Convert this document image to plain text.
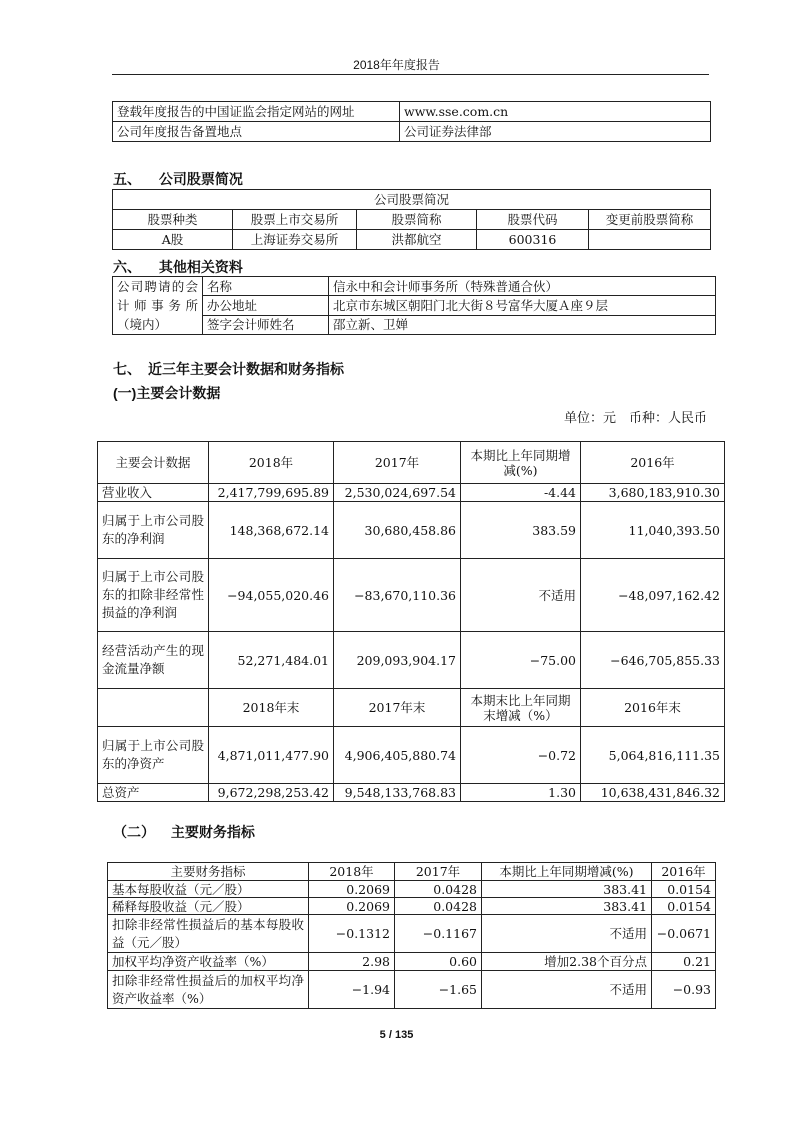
2018年年度报告
登载年度报告的中国证监会指定网站的网址	www.sse.com.cn
公司年度报告备置地点	公司证券法律部
五、 公司股票简况
公司股票简况				
股票种类	股票上市交易所	股票简称	股票代码	变更前股票简称
A股	上海证券交易所	洪都航空	600316	
六、 其他相关资料
公司聘请的会计师事务所（境内）	名称	信永中和会计师事务所（特殊普通合伙）
	办公地址	北京市东城区朝阳门北大街８号富华大厦Ａ座９层
	签字会计师姓名	邵立新、卫婵
七、　近三年主要会计数据和财务指标
(一)主要会计数据
单位：元　币种：人民币
主要会计数据	2018年	2017年	本期比上年同期增减(%)	2016年
营业收入	2,417,799,695.89	2,530,024,697.54	-4.44	3,680,183,910.30
归属于上市公司股东的净利润	148,368,672.14	30,680,458.86	383.59	11,040,393.50
归属于上市公司股东的扣除非经常性损益的净利润	−94,055,020.46	−83,670,110.36	不适用	−48,097,162.42
经营活动产生的现金流量净额	52,271,484.01	209,093,904.17	−75.00	−646,705,855.33
	2018年末	2017年末	本期末比上年同期末增减（%）	2016年末
归属于上市公司股东的净资产	4,871,011,477.90	4,906,405,880.74	−0.72	5,064,816,111.35
总资产	9,672,298,253.42	9,548,133,768.83	1.30	10,638,431,846.32
（二） 主要财务指标
主要财务指标	2018年	2017年	本期比上年同期增减(%)	2016年
基本每股收益（元／股）	0.2069	0.0428	383.41	0.0154
稀释每股收益（元／股）	0.2069	0.0428	383.41	0.0154
扣除非经常性损益后的基本每股收益（元／股）	−0.1312	−0.1167	不适用	−0.0671
加权平均净资产收益率（%）	2.98	0.60	增加2.38个百分点	0.21
扣除非经常性损益后的加权平均净资产收益率（%）	−1.94	−1.65	不适用	−0.93
5 / 135
